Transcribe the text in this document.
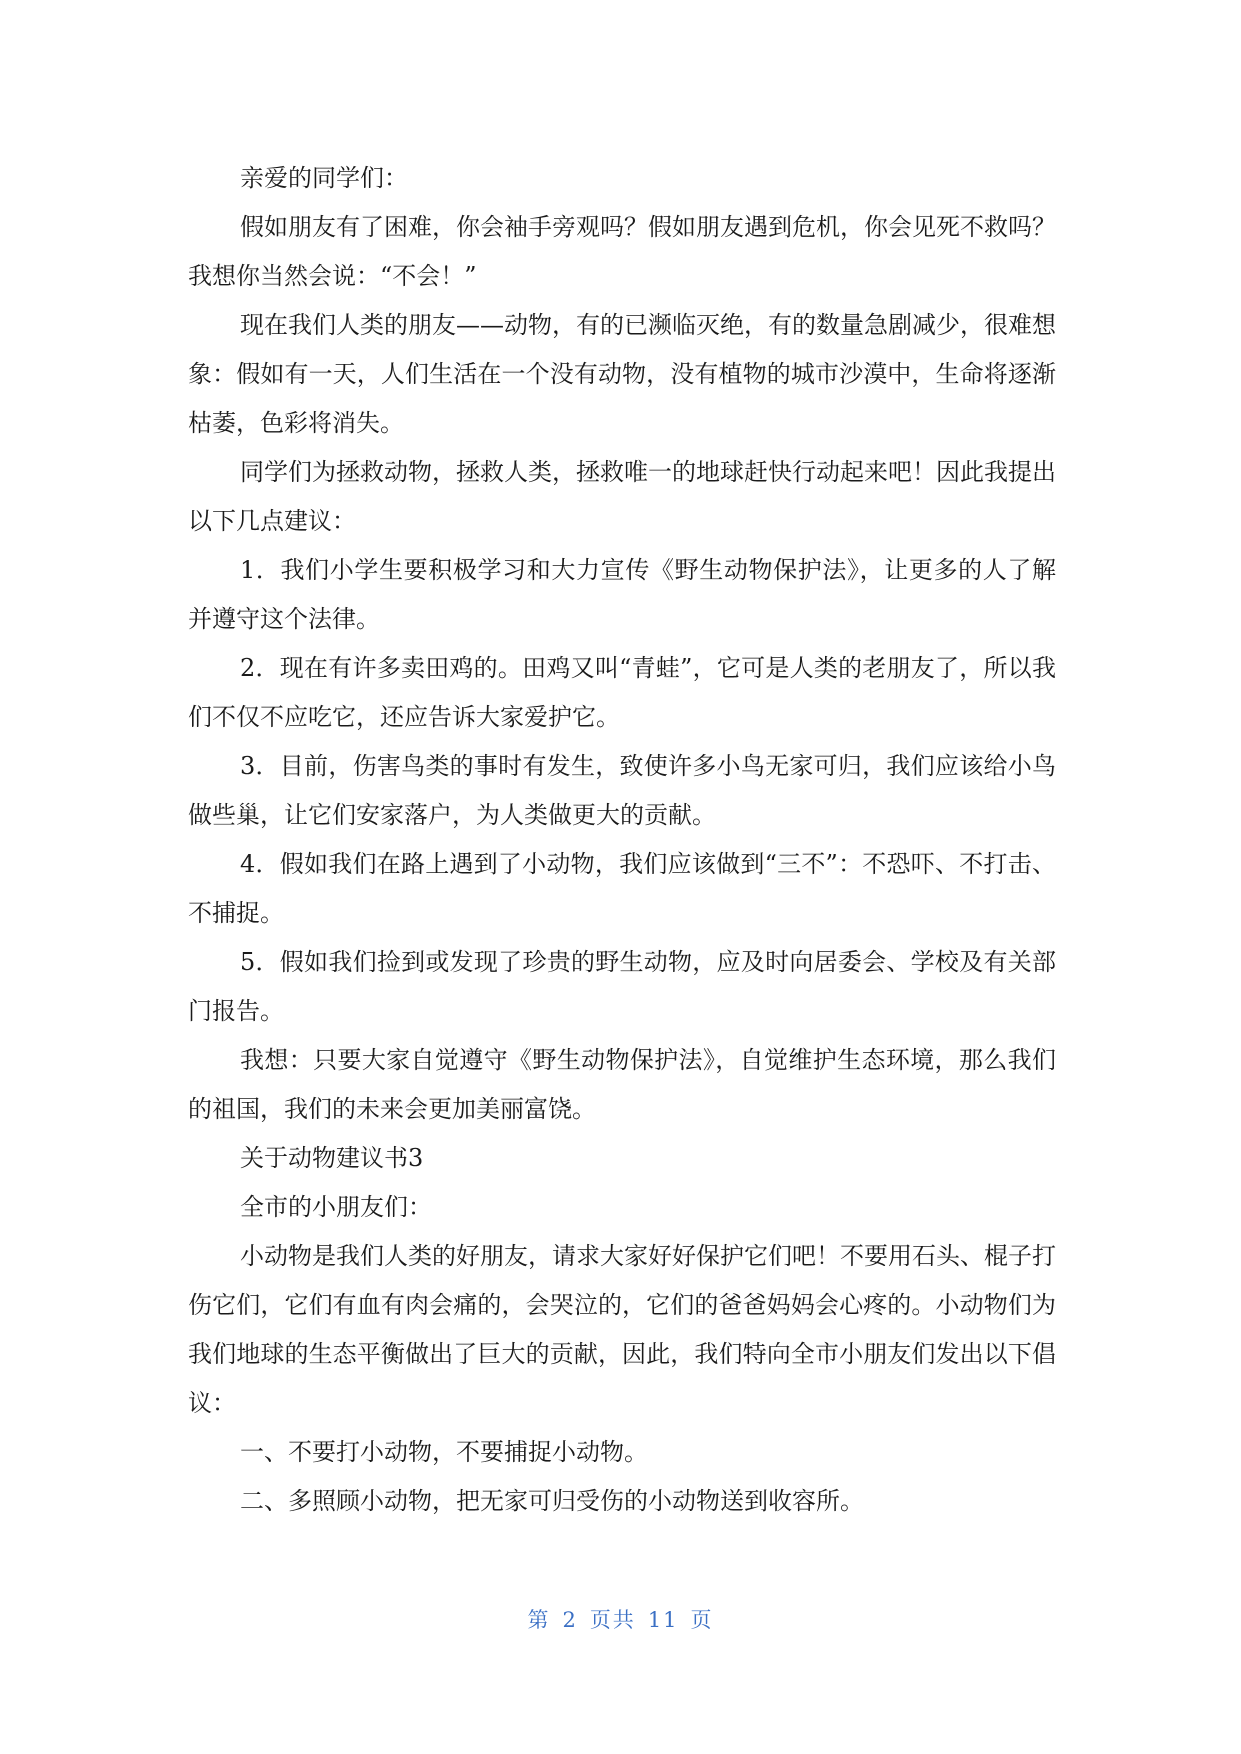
亲爱的同学们：

假如朋友有了困难，你会袖手旁观吗？假如朋友遇到危机，你会见死不救吗？我想你当然会说：“不会！”

现在我们人类的朋友——动物，有的已濒临灭绝，有的数量急剧减少，很难想象：假如有一天，人们生活在一个没有动物，没有植物的城市沙漠中，生命将逐渐枯萎，色彩将消失。

同学们为拯救动物，拯救人类，拯救唯一的地球赶快行动起来吧！因此我提出以下几点建议：

1．我们小学生要积极学习和大力宣传《野生动物保护法》，让更多的人了解并遵守这个法律。

2．现在有许多卖田鸡的。田鸡又叫“青蛙”，它可是人类的老朋友了，所以我们不仅不应吃它，还应告诉大家爱护它。

3．目前，伤害鸟类的事时有发生，致使许多小鸟无家可归，我们应该给小鸟做些巢，让它们安家落户，为人类做更大的贡献。

4．假如我们在路上遇到了小动物，我们应该做到“三不”：不恐吓、不打击、不捕捉。

5．假如我们捡到或发现了珍贵的野生动物，应及时向居委会、学校及有关部门报告。

我想：只要大家自觉遵守《野生动物保护法》，自觉维护生态环境，那么我们的祖国，我们的未来会更加美丽富饶。

关于动物建议书3

全市的小朋友们：

小动物是我们人类的好朋友，请求大家好好保护它们吧！不要用石头、棍子打伤它们，它们有血有肉会痛的，会哭泣的，它们的爸爸妈妈会心疼的。小动物们为我们地球的生态平衡做出了巨大的贡献，因此，我们特向全市小朋友们发出以下倡议：

一、不要打小动物，不要捕捉小动物。

二、多照顾小动物，把无家可归受伤的小动物送到收容所。

第 2 页共 11 页
